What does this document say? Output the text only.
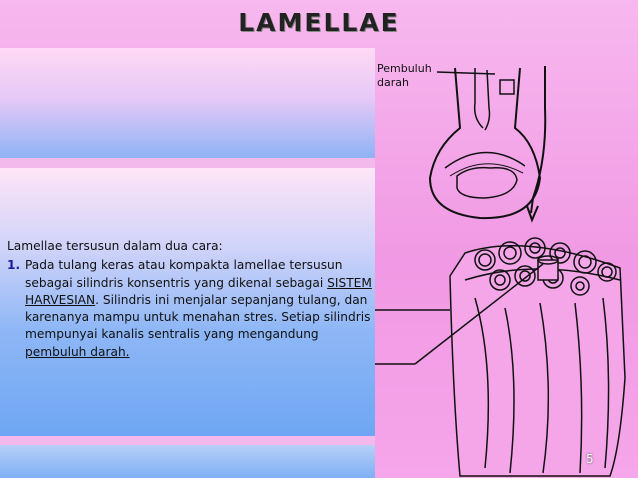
LAMELLAE

Lamellae tersusun dalam dua cara:

1. Pada tulang keras atau kompakta lamellae tersusun sebagai silindris konsentris yang dikenal sebagai SISTEM HARVESIAN. Silindris ini menjalar sepanjang tulang, dan karenanya mampu untuk menahan stres. Setiap silindris mempunyai kanalis sentralis yang mengandung pembuluh darah.
Pembuluh
darah
5
